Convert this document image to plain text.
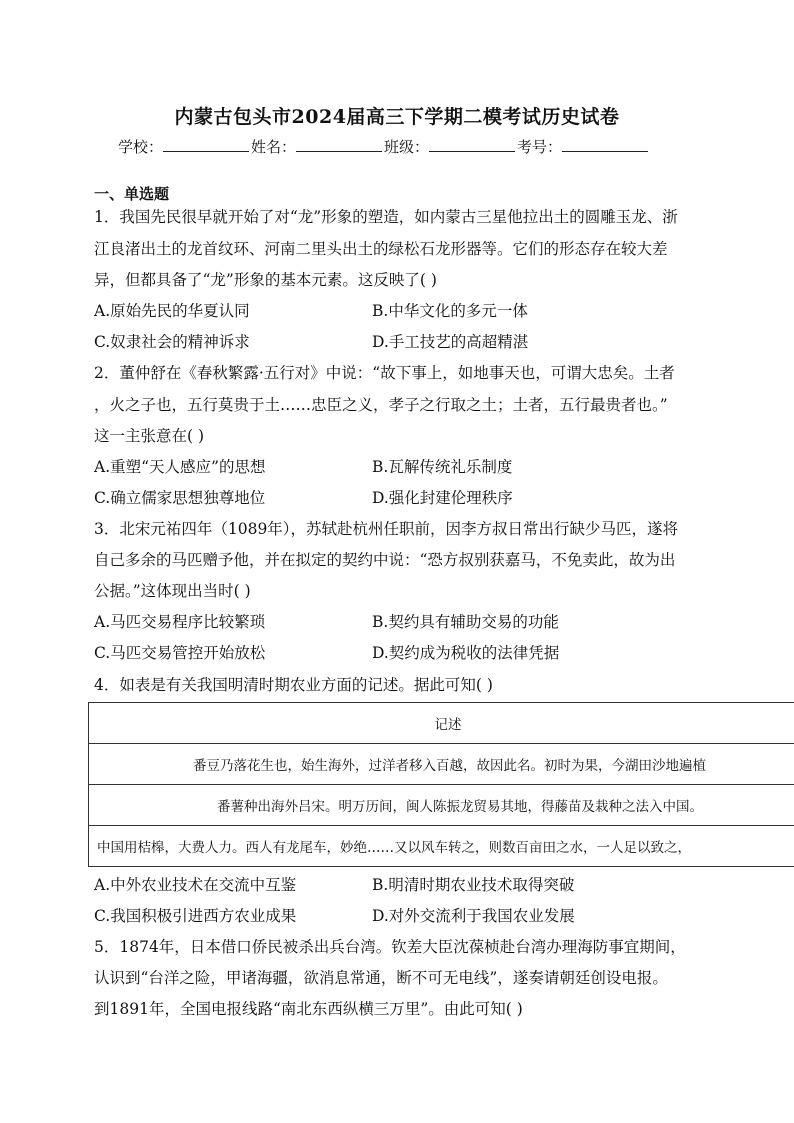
内蒙古包头市2024届高三下学期二模考试历史试卷
学校：	姓名：	班级：	考号：
一、单选题
1．我国先民很早就开始了对“龙”形象的塑造，如内蒙古三星他拉出土的圆雕玉龙、浙
江良渚出土的龙首纹环、河南二里头出土的绿松石龙形器等。它们的形态存在较大差
异，但都具备了“龙”形象的基本元素。这反映了( )
A.原始先民的华夏认同	B.中华文化的多元一体
C.奴隶社会的精神诉求	D.手工技艺的高超精湛
2．董仲舒在《春秋繁露·五行对》中说：“故下事上，如地事天也，可谓大忠矣。土者
，火之子也，五行莫贵于土……忠臣之义，孝子之行取之土；土者，五行最贵者也。”
这一主张意在( )
A.重塑“天人感应”的思想	B.瓦解传统礼乐制度
C.确立儒家思想独尊地位	D.强化封建伦理秩序
3．北宋元祐四年（1089年），苏轼赴杭州任职前，因李方叔日常出行缺少马匹，遂将
自己多余的马匹赠予他，并在拟定的契约中说：“恐方叔别获嘉马，不免卖此，故为出
公据。”这体现出当时( )
A.马匹交易程序比较繁琐	B.契约具有辅助交易的功能
C.马匹交易管控开始放松	D.契约成为税收的法律凭据
4．如表是有关我国明清时期农业方面的记述。据此可知( )
记述
番豆乃落花生也，始生海外，过洋者移入百越，故因此名。初时为果，今湖田沙地遍植
番薯种出海外吕宋。明万历间，闽人陈振龙贸易其地，得藤苗及栽种之法入中国。
中国用桔槔，大费人力。西人有龙尾车，妙绝……又以风车转之，则数百亩田之水，一人足以致之，
A.中外农业技术在交流中互鉴	B.明清时期农业技术取得突破
C.我国积极引进西方农业成果	D.对外交流利于我国农业发展
5．1874年，日本借口侨民被杀出兵台湾。钦差大臣沈葆桢赴台湾办理海防事宜期间，
认识到“台洋之险，甲诸海疆，欲消息常通，断不可无电线”，遂奏请朝廷创设电报。
到1891年，全国电报线路“南北东西纵横三万里”。由此可知( )
